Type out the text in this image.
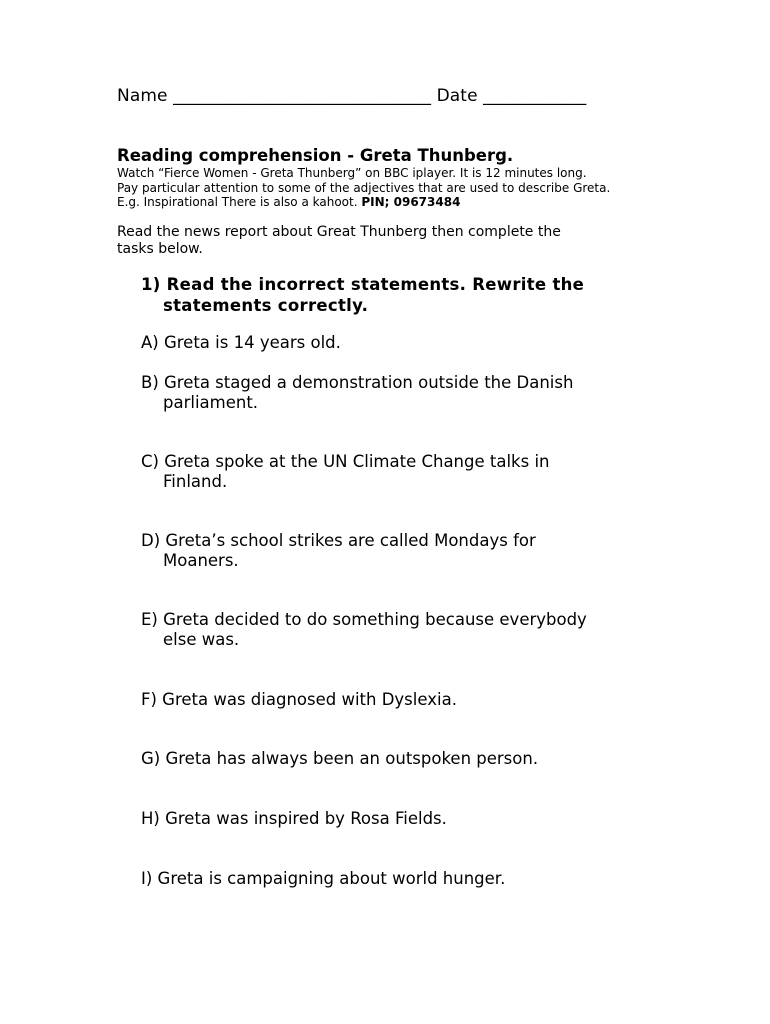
Name ______________________________ Date ____________
Reading comprehension - Greta Thunberg.
Watch “Fierce Women - Greta Thunberg” on BBC iplayer. It is 12 minutes long.
Pay particular attention to some of the adjectives that are used to describe Greta.
E.g. Inspirational There is also a kahoot. PIN; 09673484
Read the news report about Great Thunberg then complete the
tasks below.
1) Read the incorrect statements. Rewrite the
statements correctly.
A) Greta is 14 years old.
B) Greta staged a demonstration outside the Danish
parliament.
C) Greta spoke at the UN Climate Change talks in
Finland.
D) Greta’s school strikes are called Mondays for
Moaners.
E) Greta decided to do something because everybody
else was.
F) Greta was diagnosed with Dyslexia.
G) Greta has always been an outspoken person.
H) Greta was inspired by Rosa Fields.
I) Greta is campaigning about world hunger.
